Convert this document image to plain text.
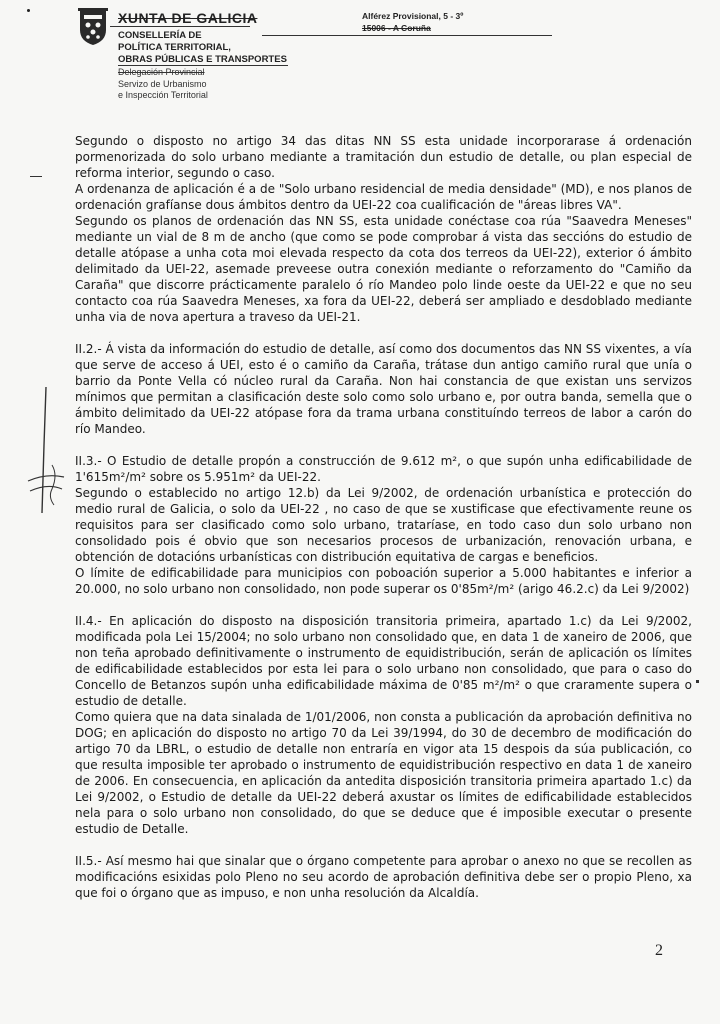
XUNTA DE GALICIA
CONSELLERÍA DE
POLÍTICA TERRITORIAL,
OBRAS PÚBLICAS E TRANSPORTES
Delegación Provincial
Servizo de Urbanismo
e Inspección Territorial
Alférez Provisional, 5 - 3º
15006 - A Coruña

Segundo o disposto no artigo 34 das ditas NN SS esta unidade incorporarase á ordenación pormenorizada do solo urbano mediante a tramitación dun estudio de detalle, ou plan especial de reforma interior, segundo o caso.

A ordenanza de aplicación é a de "Solo urbano residencial de media densidade" (MD), e nos planos de ordenación grafíanse dous ámbitos dentro da UEI-22 coa cualificación de "áreas libres VA".

Segundo os planos de ordenación das NN SS, esta unidade conéctase coa rúa "Saavedra Meneses" mediante un vial de 8 m de ancho (que como se pode comprobar á vista das seccións do estudio de detalle atópase a unha cota moi elevada respecto da cota dos terreos da UEI-22), exterior ó ámbito delimitado da UEI-22, asemade preveese outra conexión mediante o reforzamento do "Camiño da Caraña" que discorre prácticamente paralelo ó río Mandeo polo linde oeste da UEI-22 e que no seu contacto coa rúa Saavedra Meneses, xa fora da UEI-22, deberá ser ampliado e desdoblado mediante unha via de nova apertura a traveso da UEI-21.

II.2.- Á vista da información do estudio de detalle, así como dos documentos das NN SS vixentes, a vía que serve de acceso á UEI, esto é o camiño da Caraña, trátase dun antigo camiño rural que unía o barrio da Ponte Vella có núcleo rural da Caraña. Non hai constancia de que existan uns servizos mínimos que permitan a clasificación deste solo como solo urbano e, por outra banda, semella que o ámbito delimitado da UEI-22 atópase fora da trama urbana constituíndo terreos de labor a carón do río Mandeo.

II.3.- O Estudio de detalle propón a construcción de 9.612 m², o que supón unha edificabilidade de 1'615m²/m² sobre os 5.951m² da UEI-22.

Segundo o establecido no artigo 12.b) da Lei 9/2002, de ordenación urbanística e protección do medio rural de Galicia, o solo da UEI-22 , no caso de que se xustificase que efectivamente reune os requisitos para ser clasificado como solo urbano, trataríase, en todo caso dun solo urbano non consolidado pois é obvio que son necesarios procesos de urbanización, renovación urbana, e obtención de dotacións urbanísticas con distribución equitativa de cargas e beneficios.

O límite de edificabilidade para municipios con poboación superior a 5.000 habitantes e inferior a 20.000, no solo urbano non consolidado, non pode superar os 0'85m²/m² (arigo 46.2.c) da Lei 9/2002)

II.4.- En aplicación do disposto na disposición transitoria primeira, apartado 1.c) da Lei 9/2002, modificada pola Lei 15/2004; no solo urbano non consolidado que, en data 1 de xaneiro de 2006, que non teña aprobado definitivamente o instrumento de equidistribución, serán de aplicación os límites de edificabilidade establecidos por esta lei para o solo urbano non consolidado, que para o caso do Concello de Betanzos supón unha edificabilidade máxima de 0'85 m²/m² o que craramente supera o estudio de detalle.

Como quiera que na data sinalada de 1/01/2006, non consta a publicación da aprobación definitiva no DOG; en aplicación do disposto no artigo 70 da Lei 39/1994, do 30 de decembro de modificación do artigo 70 da LBRL, o estudio de detalle non entraría en vigor ata 15 despois da súa publicación, co que resulta imposible ter aprobado o instrumento de equidistribución respectivo en data 1 de xaneiro de 2006. En consecuencia, en aplicación da antedita disposición transitoria primeira apartado 1.c) da Lei 9/2002, o Estudio de detalle da UEI-22 deberá axustar os límites de edificabilidade establecidos nela para o solo urbano non consolidado, do que se deduce que é imposible executar o presente estudio de Detalle.

II.5.- Así mesmo hai que sinalar que o órgano competente para aprobar o anexo no que se recollen as modificacións esixidas polo Pleno no seu acordo de aprobación definitiva debe ser o propio Pleno, xa que foi o órgano que as impuso, e non unha resolución da Alcaldía.

2
